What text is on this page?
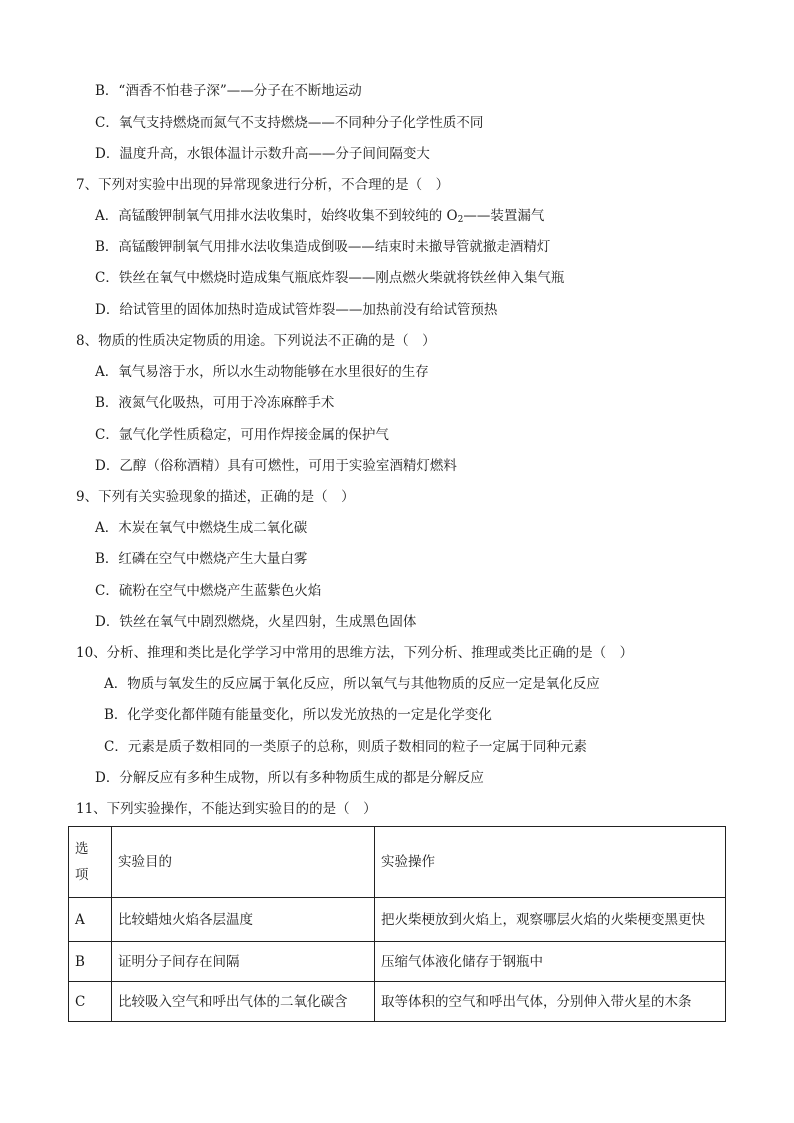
B．“酒香不怕巷子深”——分子在不断地运动
C．氧气支持燃烧而氮气不支持燃烧——不同种分子化学性质不同
D．温度升高，水银体温计示数升高——分子间间隔变大
7、下列对实验中出现的异常现象进行分析，不合理的是（　）
A．高锰酸钾制氧气用排水法收集时，始终收集不到较纯的 $O_2——$装置漏气
B．高锰酸钾制氧气用排水法收集造成倒吸——结束时未撤导管就撤走酒精灯
C．铁丝在氧气中燃烧时造成集气瓶底炸裂——刚点燃火柴就将铁丝伸入集气瓶
D．给试管里的固体加热时造成试管炸裂——加热前没有给试管预热
8、物质的性质决定物质的用途。下列说法不正确的是（　）
A．氧气易溶于水，所以水生动物能够在水里很好的生存
B．液氮气化吸热，可用于冷冻麻醉手术
C．氩气化学性质稳定，可用作焊接金属的保护气
D．乙醇（俗称酒精）具有可燃性，可用于实验室酒精灯燃料
9、下列有关实验现象的描述，正确的是（　）
A．木炭在氧气中燃烧生成二氧化碳
B．红磷在空气中燃烧产生大量白雾
C．硫粉在空气中燃烧产生蓝紫色火焰
D．铁丝在氧气中剧烈燃烧，火星四射，生成黑色固体
10、分析、推理和类比是化学学习中常用的思维方法，下列分析、推理或类比正确的是（　）
A．物质与氧发生的反应属于氧化反应，所以氧气与其他物质的反应一定是氧化反应
B．化学变化都伴随有能量变化，所以发光放热的一定是化学变化
C．元素是质子数相同的一类原子的总称，则质子数相同的粒子一定属于同种元素
D．分解反应有多种生成物，所以有多种物质生成的都是分解反应
11、下列实验操作，不能达到实验目的的是（　）
选
项	实验目的	实验操作
A	比较蜡烛火焰各层温度	把火柴梗放到火焰上，观察哪层火焰的火柴梗变黑更快
B	证明分子间存在间隔	压缩气体液化储存于钢瓶中
C	比较吸入空气和呼出气体的二氧化碳含	取等体积的空气和呼出气体，分别伸入带火星的木条
